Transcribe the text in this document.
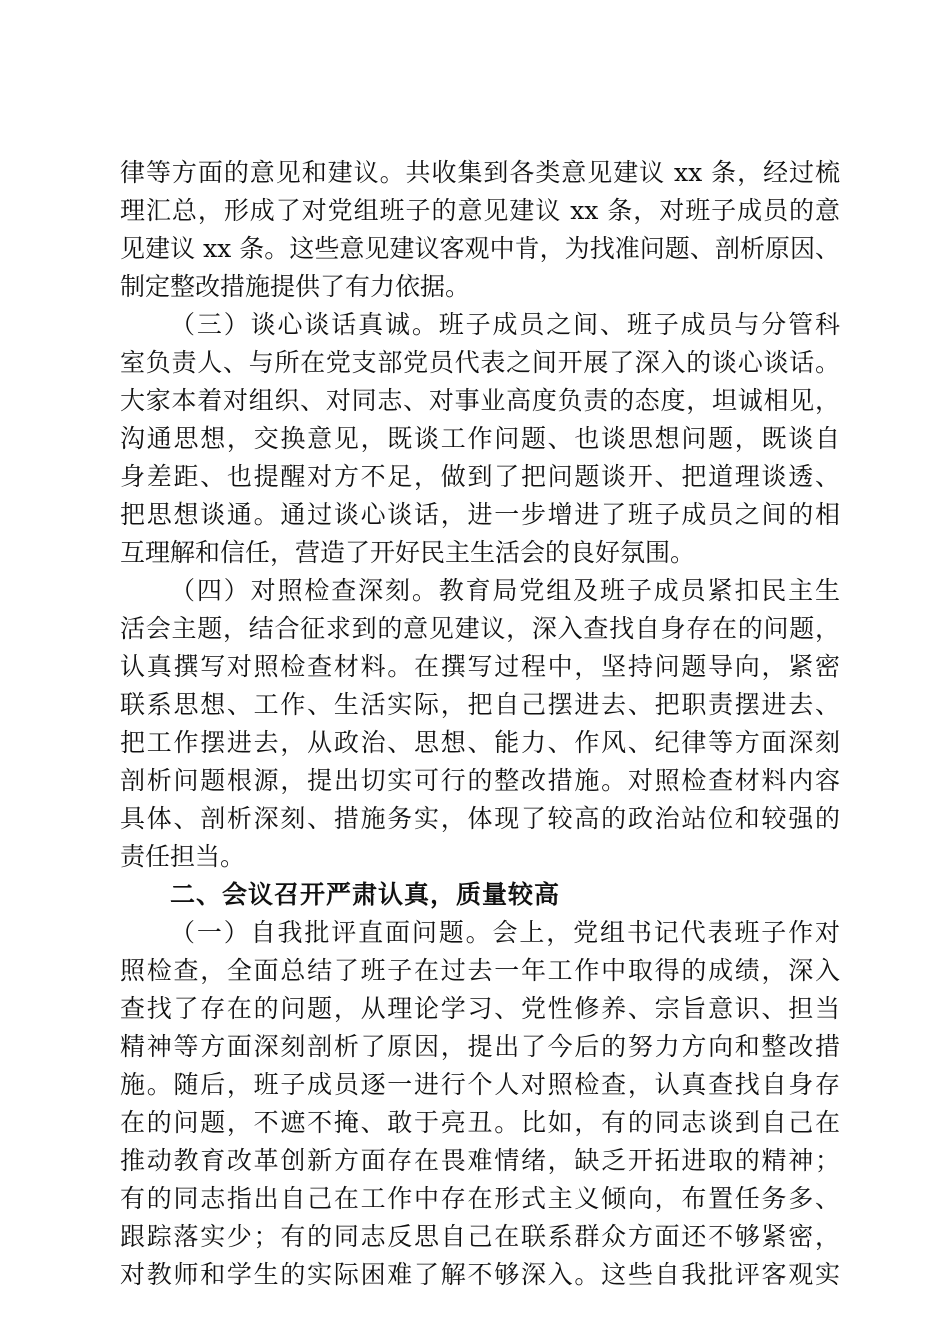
律等方面的意见和建议。共收集到各类意见建议 xx 条，经过梳
理汇总，形成了对党组班子的意见建议 xx 条，对班子成员的意
见建议 xx 条。这些意见建议客观中肯，为找准问题、剖析原因、
制定整改措施提供了有力依据。
（三）谈心谈话真诚。班子成员之间、班子成员与分管科
室负责人、与所在党支部党员代表之间开展了深入的谈心谈话。
大家本着对组织、对同志、对事业高度负责的态度，坦诚相见，
沟通思想，交换意见，既谈工作问题、也谈思想问题，既谈自
身差距、也提醒对方不足，做到了把问题谈开、把道理谈透、
把思想谈通。通过谈心谈话，进一步增进了班子成员之间的相
互理解和信任，营造了开好民主生活会的良好氛围。
（四）对照检查深刻。教育局党组及班子成员紧扣民主生
活会主题，结合征求到的意见建议，深入查找自身存在的问题，
认真撰写对照检查材料。在撰写过程中，坚持问题导向，紧密
联系思想、工作、生活实际，把自己摆进去、把职责摆进去、
把工作摆进去，从政治、思想、能力、作风、纪律等方面深刻
剖析问题根源，提出切实可行的整改措施。对照检查材料内容
具体、剖析深刻、措施务实，体现了较高的政治站位和较强的
责任担当。
二、会议召开严肃认真，质量较高
（一）自我批评直面问题。会上，党组书记代表班子作对
照检查，全面总结了班子在过去一年工作中取得的成绩，深入
查找了存在的问题，从理论学习、党性修养、宗旨意识、担当
精神等方面深刻剖析了原因，提出了今后的努力方向和整改措
施。随后，班子成员逐一进行个人对照检查，认真查找自身存
在的问题，不遮不掩、敢于亮丑。比如，有的同志谈到自己在
推动教育改革创新方面存在畏难情绪，缺乏开拓进取的精神；
有的同志指出自己在工作中存在形式主义倾向，布置任务多、
跟踪落实少；有的同志反思自己在联系群众方面还不够紧密，
对教师和学生的实际困难了解不够深入。这些自我批评客观实
